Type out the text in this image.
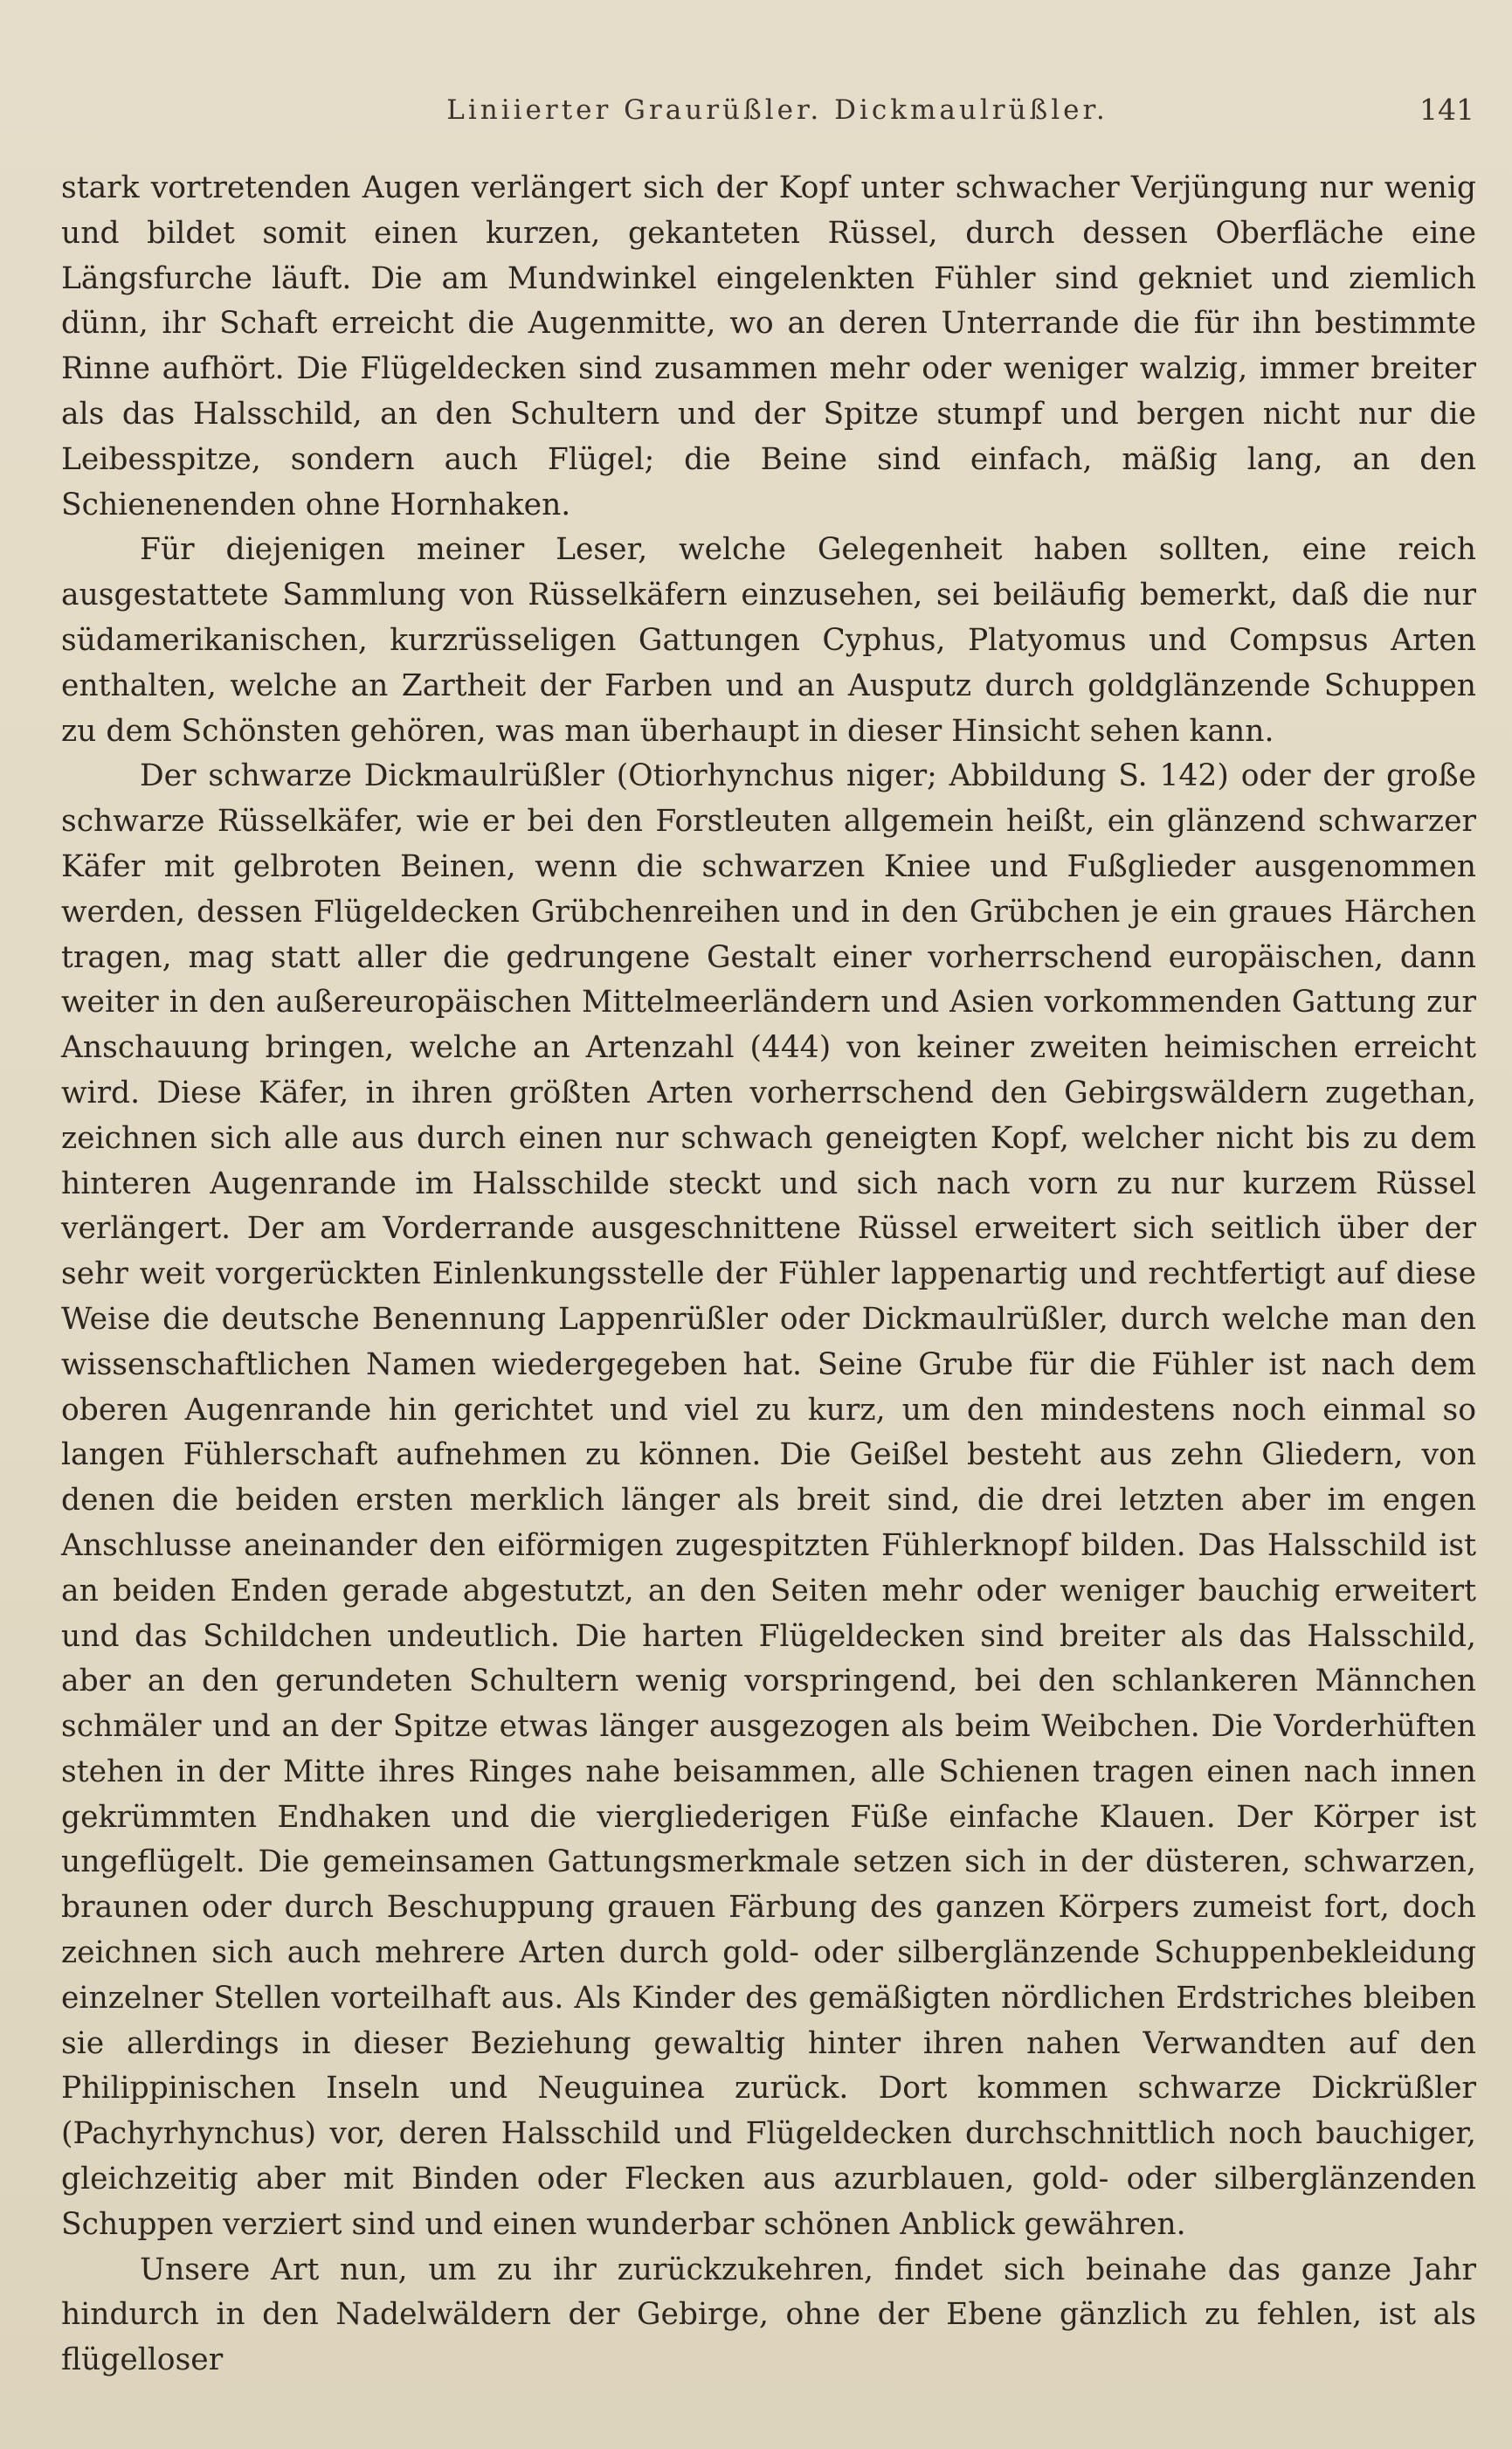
Liniierter Graurüßler. Dickmaulrüßler.	141

stark vortretenden Augen verlängert sich der Kopf unter schwacher Verjüngung nur wenig und bildet somit einen kurzen, gekanteten Rüssel, durch dessen Oberfläche eine Längsfurche läuft. Die am Mundwinkel eingelenkten Fühler sind gekniet und ziemlich dünn, ihr Schaft erreicht die Augenmitte, wo an deren Unterrande die für ihn bestimmte Rinne aufhört. Die Flügeldecken sind zusammen mehr oder weniger walzig, immer breiter als das Halsschild, an den Schultern und der Spitze stumpf und bergen nicht nur die Leibesspitze, sondern auch Flügel; die Beine sind einfach, mäßig lang, an den Schienenenden ohne Hornhaken.

Für diejenigen meiner Leser, welche Gelegenheit haben sollten, eine reich ausgestattete Sammlung von Rüsselkäfern einzusehen, sei beiläufig bemerkt, daß die nur südamerikanischen, kurzrüsseligen Gattungen Cyphus, Platyomus und Compsus Arten enthalten, welche an Zartheit der Farben und an Ausputz durch goldglänzende Schuppen zu dem Schönsten gehören, was man überhaupt in dieser Hinsicht sehen kann.

Der schwarze Dickmaulrüßler (Otiorhynchus niger; Abbildung S. 142) oder der große schwarze Rüsselkäfer, wie er bei den Forstleuten allgemein heißt, ein glänzend schwarzer Käfer mit gelbroten Beinen, wenn die schwarzen Kniee und Fußglieder ausgenommen werden, dessen Flügeldecken Grübchenreihen und in den Grübchen je ein graues Härchen tragen, mag statt aller die gedrungene Gestalt einer vorherrschend europäischen, dann weiter in den außereuropäischen Mittelmeerländern und Asien vorkommenden Gattung zur Anschauung bringen, welche an Artenzahl (444) von keiner zweiten heimischen erreicht wird. Diese Käfer, in ihren größten Arten vorherrschend den Gebirgswäldern zugethan, zeichnen sich alle aus durch einen nur schwach geneigten Kopf, welcher nicht bis zu dem hinteren Augenrande im Halsschilde steckt und sich nach vorn zu nur kurzem Rüssel verlängert. Der am Vorderrande ausgeschnittene Rüssel erweitert sich seitlich über der sehr weit vorgerückten Einlenkungsstelle der Fühler lappenartig und rechtfertigt auf diese Weise die deutsche Benennung Lappenrüßler oder Dickmaulrüßler, durch welche man den wissenschaftlichen Namen wiedergegeben hat. Seine Grube für die Fühler ist nach dem oberen Augenrande hin gerichtet und viel zu kurz, um den mindestens noch einmal so langen Fühlerschaft aufnehmen zu können. Die Geißel besteht aus zehn Gliedern, von denen die beiden ersten merklich länger als breit sind, die drei letzten aber im engen Anschlusse aneinander den eiförmigen zugespitzten Fühlerknopf bilden. Das Halsschild ist an beiden Enden gerade abgestutzt, an den Seiten mehr oder weniger bauchig erweitert und das Schildchen undeutlich. Die harten Flügeldecken sind breiter als das Halsschild, aber an den gerundeten Schultern wenig vorspringend, bei den schlankeren Männchen schmäler und an der Spitze etwas länger ausgezogen als beim Weibchen. Die Vorderhüften stehen in der Mitte ihres Ringes nahe beisammen, alle Schienen tragen einen nach innen gekrümmten Endhaken und die viergliederigen Füße einfache Klauen. Der Körper ist ungeflügelt. Die gemeinsamen Gattungsmerkmale setzen sich in der düsteren, schwarzen, braunen oder durch Beschuppung grauen Färbung des ganzen Körpers zumeist fort, doch zeichnen sich auch mehrere Arten durch gold- oder silberglänzende Schuppenbekleidung einzelner Stellen vorteilhaft aus. Als Kinder des gemäßigten nördlichen Erdstriches bleiben sie allerdings in dieser Beziehung gewaltig hinter ihren nahen Verwandten auf den Philippinischen Inseln und Neuguinea zurück. Dort kommen schwarze Dickrüßler (Pachyrhynchus) vor, deren Halsschild und Flügeldecken durchschnittlich noch bauchiger, gleichzeitig aber mit Binden oder Flecken aus azurblauen, gold- oder silberglänzenden Schuppen verziert sind und einen wunderbar schönen Anblick gewähren.

Unsere Art nun, um zu ihr zurückzukehren, findet sich beinahe das ganze Jahr hindurch in den Nadelwäldern der Gebirge, ohne der Ebene gänzlich zu fehlen, ist als flügelloser
